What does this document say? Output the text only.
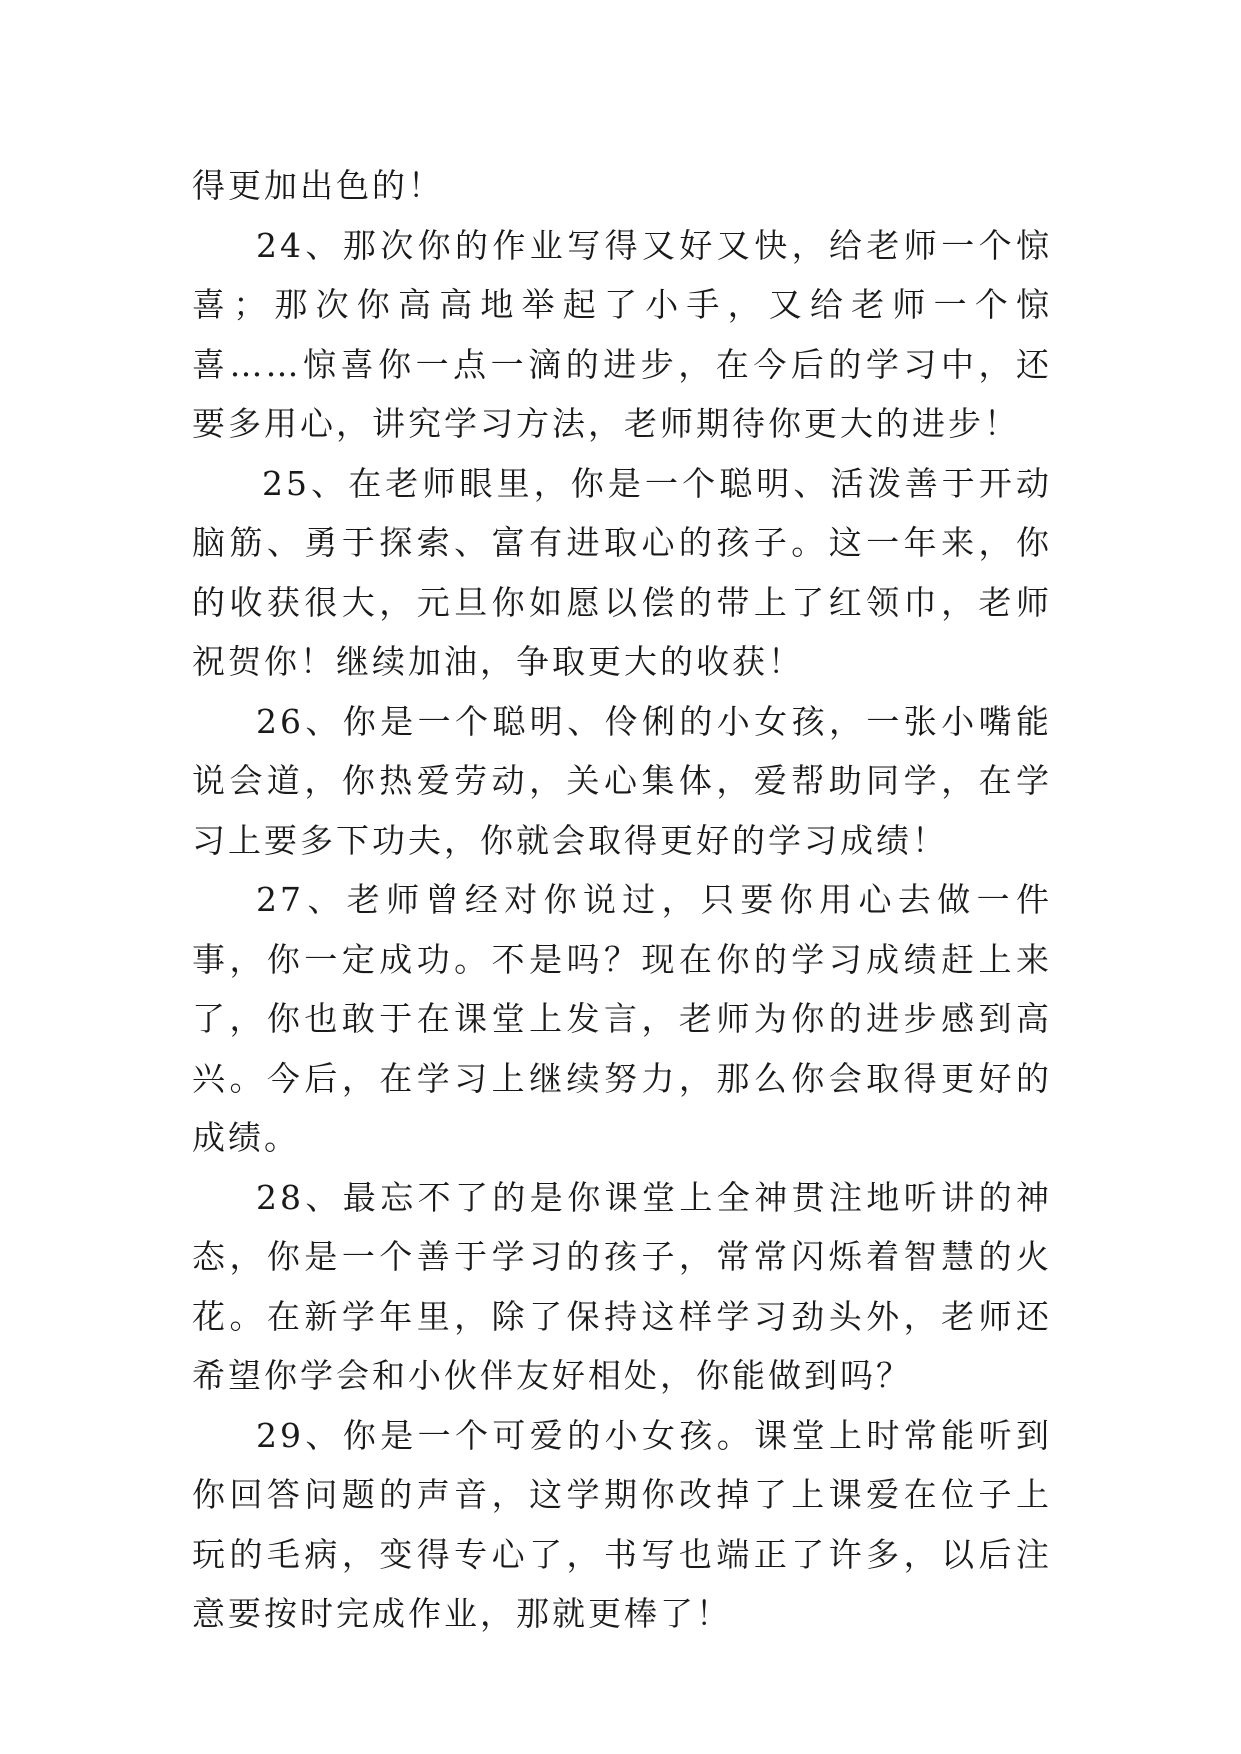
得更加出色的！

24、那次你的作业写得又好又快，给老师一个惊喜；那次你高高地举起了小手，又给老师一个惊喜……惊喜你一点一滴的进步，在今后的学习中，还要多用心，讲究学习方法，老师期待你更大的进步！

25、在老师眼里，你是一个聪明、活泼善于开动脑筋、勇于探索、富有进取心的孩子。这一年来，你的收获很大，元旦你如愿以偿的带上了红领巾，老师祝贺你！继续加油，争取更大的收获！

26、你是一个聪明、伶俐的小女孩，一张小嘴能说会道，你热爱劳动，关心集体，爱帮助同学，在学习上要多下功夫，你就会取得更好的学习成绩！

27、老师曾经对你说过，只要你用心去做一件事，你一定成功。不是吗？现在你的学习成绩赶上来了，你也敢于在课堂上发言，老师为你的进步感到高兴。今后，在学习上继续努力，那么你会取得更好的成绩。

28、最忘不了的是你课堂上全神贯注地听讲的神态，你是一个善于学习的孩子，常常闪烁着智慧的火花。在新学年里，除了保持这样学习劲头外，老师还希望你学会和小伙伴友好相处，你能做到吗？

29、你是一个可爱的小女孩。课堂上时常能听到你回答问题的声音，这学期你改掉了上课爱在位子上玩的毛病，变得专心了，书写也端正了许多，以后注意要按时完成作业，那就更棒了！
